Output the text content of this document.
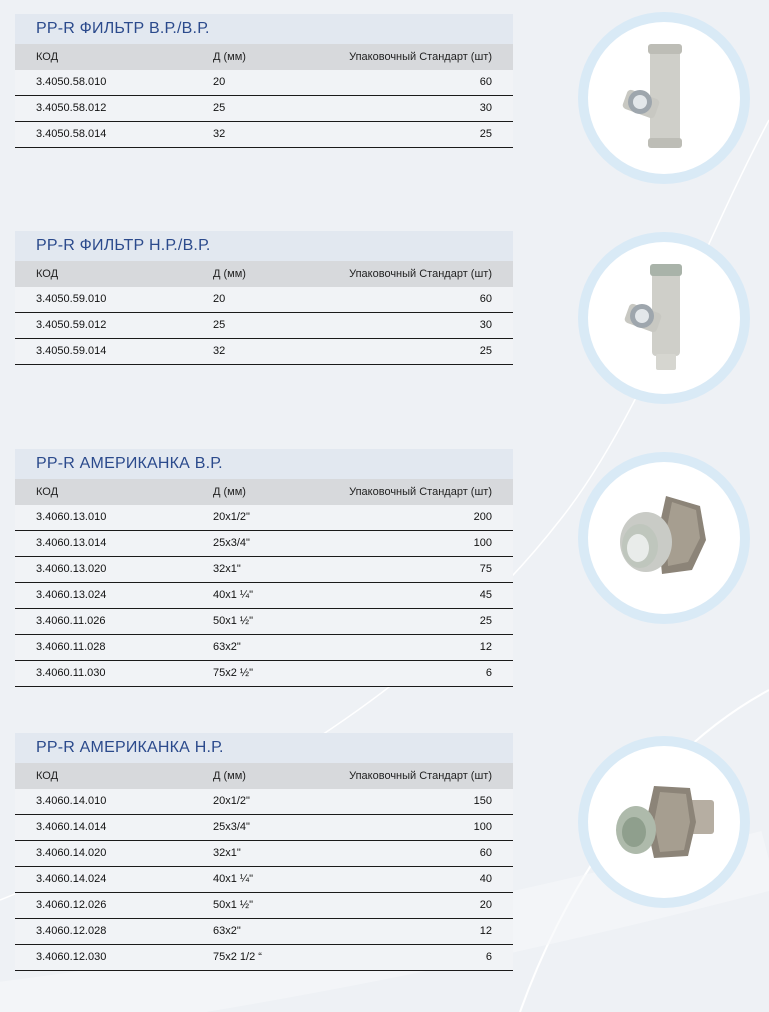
PP-R ФИЛЬТР В.Р./В.Р.
КОД	Д (мм)	Упаковочный Стандарт (шт)
3.4050.58.010	20	60
3.4050.58.012	25	30
3.4050.58.014	32	25
PP-R ФИЛЬТР Н.Р./В.Р.
КОД	Д (мм)	Упаковочный Стандарт (шт)
3.4050.59.010	20	60
3.4050.59.012	25	30
3.4050.59.014	32	25
PP-R АМЕРИКАНКА В.Р.
КОД	Д (мм)	Упаковочный Стандарт (шт)
3.4060.13.010	20x1/2"	200
3.4060.13.014	25x3/4"	100
3.4060.13.020	32x1"	75
3.4060.13.024	40x1 ¼"	45
3.4060.11.026	50x1 ½"	25
3.4060.11.028	63x2"	12
3.4060.11.030	75x2 ½"	6
PP-R АМЕРИКАНКА Н.Р.
КОД	Д (мм)	Упаковочный Стандарт (шт)
3.4060.14.010	20x1/2"	150
3.4060.14.014	25x3/4"	100
3.4060.14.020	32x1"	60
3.4060.14.024	40x1 ¼"	40
3.4060.12.026	50x1 ½"	20
3.4060.12.028	63x2"	12
3.4060.12.030	75x2 1/2 “	6
